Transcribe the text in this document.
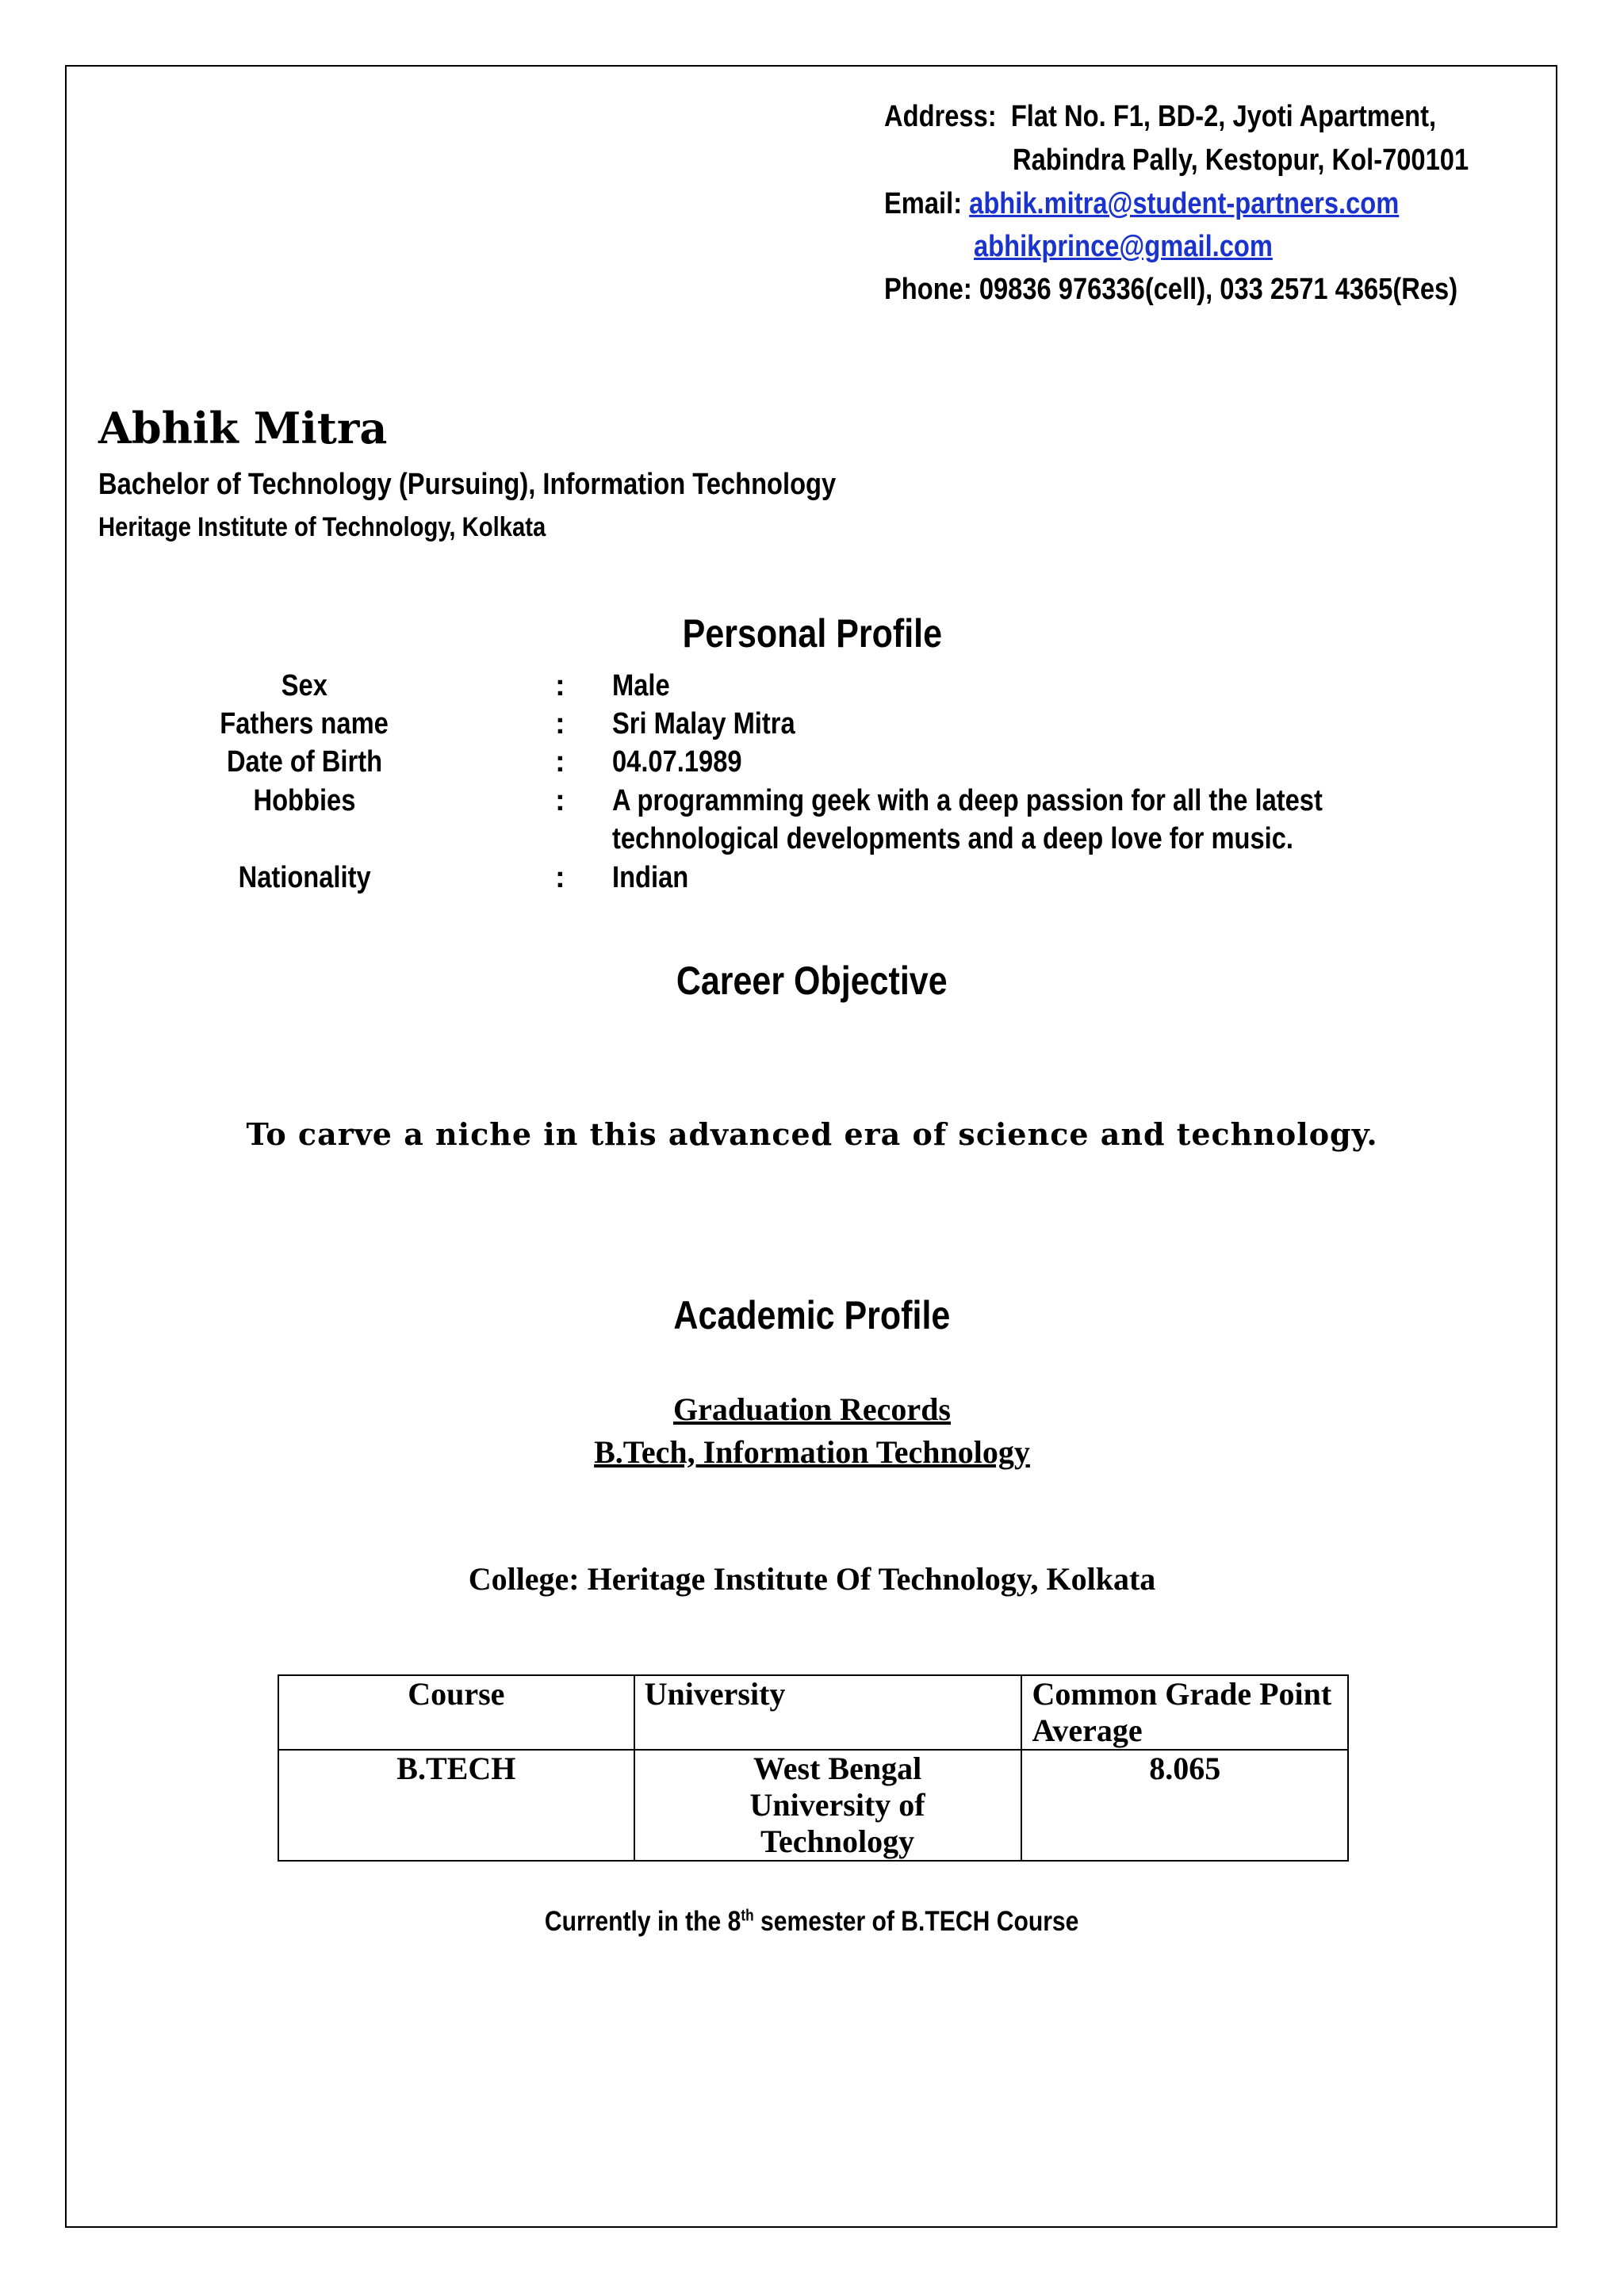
Address: Flat No. F1, BD-2, Jyoti Apartment,
Rabindra Pally, Kestopur, Kol-700101
Email: abhik.mitra@student-partners.com
abhikprince@gmail.com
Phone: 09836 976336(cell), 033 2571 4365(Res)
Abhik Mitra
Bachelor of Technology (Pursuing), Information Technology
Heritage Institute of Technology, Kolkata
Personal Profile
Sex	: Male
Fathers name	: Sri Malay Mitra
Date of Birth	: 04.07.1989
Hobbies	: A programming geek with a deep passion for all the latest
technological developments and a deep love for music.
Nationality	: Indian
Career Objective
To carve a niche in this advanced era of science and technology.
Academic Profile
Graduation Records
B.Tech, Information Technology
College: Heritage Institute Of Technology, Kolkata
Course	University	Common Grade Point Average
B.TECH	West Bengal University of Technology	8.065
Currently in the 8th semester of B.TECH Course
